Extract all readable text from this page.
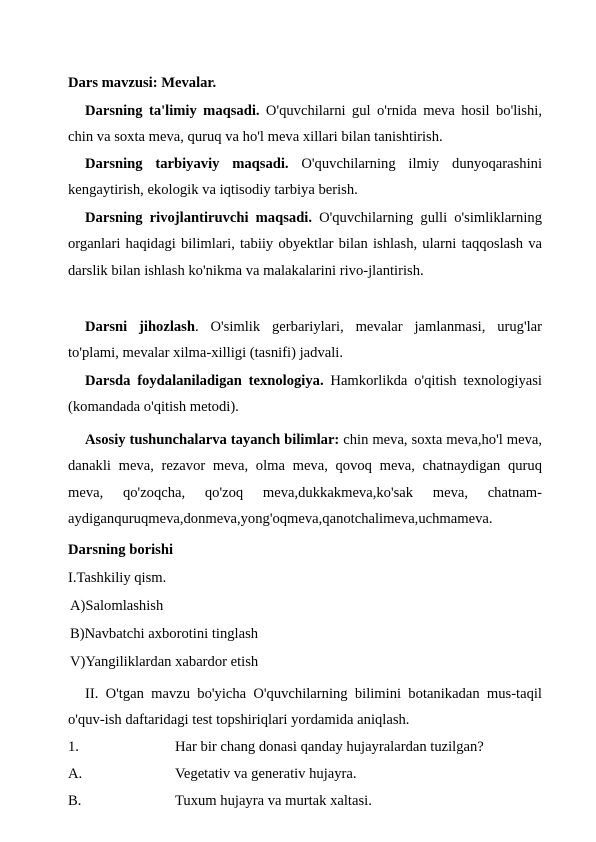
Dars mavzusi: Mevalar.
Darsning ta'limiy maqsadi. O'quvchilarni gul o'rnida meva hosil bo'lishi, chin va soxta meva, quruq va ho'l meva xillari bilan tanishtirish.
Darsning tarbiyaviy maqsadi. O'quvchilarning ilmiy dunyoqarashini kengaytirish, ekologik va iqtisodiy tarbiya berish.
Darsning rivojlantiruvchi maqsadi. O'quvchilarning gulli o'simliklarning organlari haqidagi bilimlari, tabiiy obyektlar bilan ishlash, ularni taqqoslash va darslik bilan ishlash ko'nikma va malakalarini rivo-jlantirish.
Darsni jihozlash. O'simlik gerbariylari, mevalar jamlanmasi, urug'lar to'plami, mevalar xilma-xilligi (tasnifi) jadvali.
Darsda foydalaniladigan texnologiya. Hamkorlikda o'qitish texnologiyasi (komandada o'qitish metodi).
Asosiy tushunchalarva tayanch bilimlar: chin meva, soxta meva,ho'l meva, danakli meva, rezavor meva, olma meva, qovoq meva, chatnaydigan quruq meva, qo'zoqcha, qo'zoq meva,dukkakmeva,ko'sak meva, chatnam-aydiganquruqmeva,donmeva,yong'oqmeva,qanotchalimeva,uchmameva.
Darsning borishi
I.Tashkiliy qism.
A)Salomlashish
B)Navbatchi axborotini tinglash
V)Yangiliklardan xabardor etish
II. O'tgan mavzu bo'yicha O'quvchilarning bilimini botanikadan mus-taqil o'quv-ish daftaridagi test topshiriqlari yordamida aniqlash.
1.	Har bir chang donasi qanday hujayralardan tuzilgan?
A.	Vegetativ va generativ hujayra.
B.	Tuxum hujayra va murtak xaltasi.
